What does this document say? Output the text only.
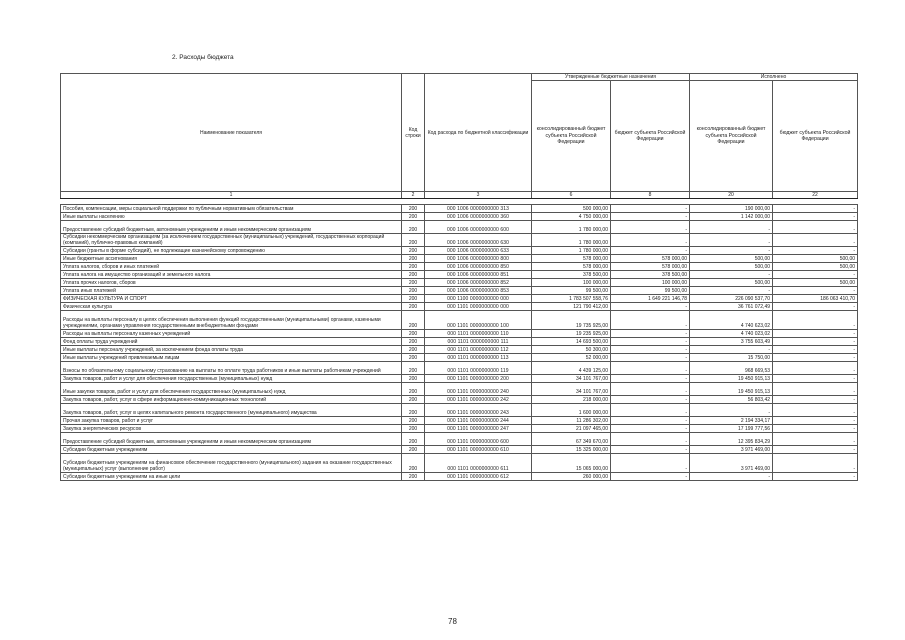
2. Расходы бюджета
Наименование показателя	Код строки	Код расхода по бюджетной классификации	Утвержденные бюджетные назначения		Исполнено	
			консолидированный бюджет субъекта Российской Федерации	бюджет субъекта Российской Федерации	консолидированный бюджет субъекта Российской Федерации	бюджет субъекта Российской Федерации
1	2	3	6	8	20	22

Пособия, компенсации, меры социальной поддержки по публичным нормативным обязательствам	200	000 1006 0000000000 313	500 000,00	-	190 000,00	-
Иные выплаты населению	200	000 1006 0000000000 360	4 750 000,00	-	1 142 000,00	-
Предоставление субсидий бюджетным, автономным учреждениям и иным некоммерческим организациям	200	000 1006 0000000000 600	1 780 000,00	-	-	-
Субсидии некоммерческим организациям (за исключением государственных (муниципальных) учреждений, государственных корпораций (компаний), публично-правовых компаний)	200	000 1006 0000000000 630	1 780 000,00	-	-	-
Субсидии (гранты в форме субсидий), не подлежащие казначейскому сопровождению	200	000 1006 0000000000 633	1 780 000,00	-	-	-
Иные бюджетные ассигнования	200	000 1006 0000000000 800	578 000,00	578 000,00	500,00	500,00
Уплата налогов, сборов и иных платежей	200	000 1006 0000000000 850	578 000,00	578 000,00	500,00	500,00
Уплата налога на имущество организаций и земельного налога	200	000 1006 0000000000 851	378 500,00	378 500,00	-	-
Уплата прочих налогов, сборов	200	000 1006 0000000000 852	100 000,00	100 000,00	500,00	500,00
Уплата иных платежей	200	000 1006 0000000000 853	99 500,00	99 500,00	-	-
ФИЗИЧЕСКАЯ КУЛЬТУРА И СПОРТ	200	000 1100 0000000000 000	1 783 507 558,76	1 649 221 146,78	226 090 537,70	186 063 410,70
Физическая культура	200	000 1101 0000000000 000	121 790 412,00	-	36 761 072,49	-
Расходы на выплаты персоналу в целях обеспечения выполнения функций государственными (муниципальными) органами, казенными учреждениями, органами управления государственными внебюджетными фондами	200	000 1101 0000000000 100	19 735 925,00	-	4 740 623,02	-
Расходы на выплаты персоналу казенных учреждений	200	000 1101 0000000000 110	19 235 925,00	-	4 740 023,02	-
Фонд оплаты труда учреждений	200	000 1101 0000000000 111	14 693 500,00	-	3 755 603,49	-
Иные выплаты персоналу учреждений, за исключением фонда оплаты труда	200	000 1101 0000000000 112	50 300,00	-	-	-
Иные выплаты учреждений привлекаемым лицам	200	000 1101 0000000000 113	52 000,00	-	15 750,00	-
Взносы по обязательному социальному страхованию на выплаты по оплате труда работников и иные выплаты работникам учреждений	200	000 1101 0000000000 119	4 439 125,00	-	968 669,53	-
Закупка товаров, работ и услуг для обеспечения государственных (муниципальных) нужд	200	000 1101 0000000000 200	34 101 767,00	-	19 450 915,13	-
Иные закупки товаров, работ и услуг для обеспечения государственных (муниципальных) нужд	200	000 1101 0000000000 240	34 101 767,00	-	19 450 915,13	-
Закупка товаров, работ, услуг в сфере информационно-коммуникационных технологий	200	000 1101 0000000000 242	218 000,00	-	56 803,42	-
Закупка товаров, работ, услуг в целях капитального ремонта государственного (муниципального) имущества	200	000 1101 0000000000 243	1 600 000,00	-	-	-
Прочая закупка товаров, работ и услуг	200	000 1101 0000000000 244	11 286 302,00	-	2 194 334,17	-
Закупка энергетических ресурсов	200	000 1101 0000000000 247	21 097 465,00	-	17 199 777,56	-
Предоставление субсидий бюджетным, автономным учреждениям и иным некоммерческим организациям	200	000 1101 0000000000 600	67 349 670,00	-	12 395 834,29	-
Субсидии бюджетным учреждениям	200	000 1101 0000000000 610	15 325 000,00	-	3 971 469,00	-
Субсидии бюджетным учреждениям на финансовое обеспечение государственного (муниципального) задания на оказание государственных (муниципальных) услуг (выполнение работ)	200	000 1101 0000000000 611	15 065 000,00	-	3 971 469,00	-
Субсидии бюджетным учреждениям на иные цели	200	000 1101 0000000000 612	260 000,00	-	-	-
78
